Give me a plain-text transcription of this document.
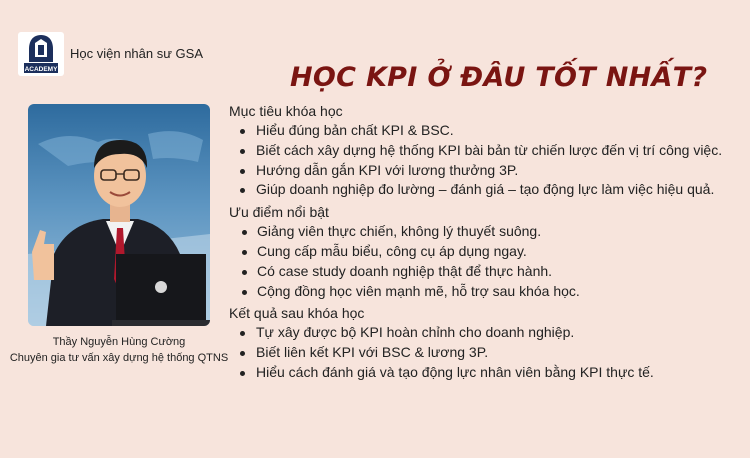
ACADEMY
Học viện nhân sư GSA
HỌC KPI Ở ĐÂU TỐT NHẤT?
Thầy Nguyễn Hùng Cường
Chuyên gia tư vấn xây dựng hệ thống QTNS

Mục tiêu khóa học

Hiểu đúng bản chất KPI & BSC.
Biết cách xây dựng hệ thống KPI bài bản từ chiến lược đến vị trí công việc.
Hướng dẫn gắn KPI với lương thưởng 3P.
Giúp doanh nghiệp đo lường – đánh giá – tạo động lực làm việc hiệu quả.

Ưu điểm nổi bật

Giảng viên thực chiến, không lý thuyết suông.
Cung cấp mẫu biểu, công cụ áp dụng ngay.
Có case study doanh nghiệp thật để thực hành.
Cộng đồng học viên mạnh mẽ, hỗ trợ sau khóa học.

Kết quả sau khóa học

Tự xây được bộ KPI hoàn chỉnh cho doanh nghiệp.
Biết liên kết KPI với BSC & lương 3P.
Hiểu cách đánh giá và tạo động lực nhân viên bằng KPI thực tế.
